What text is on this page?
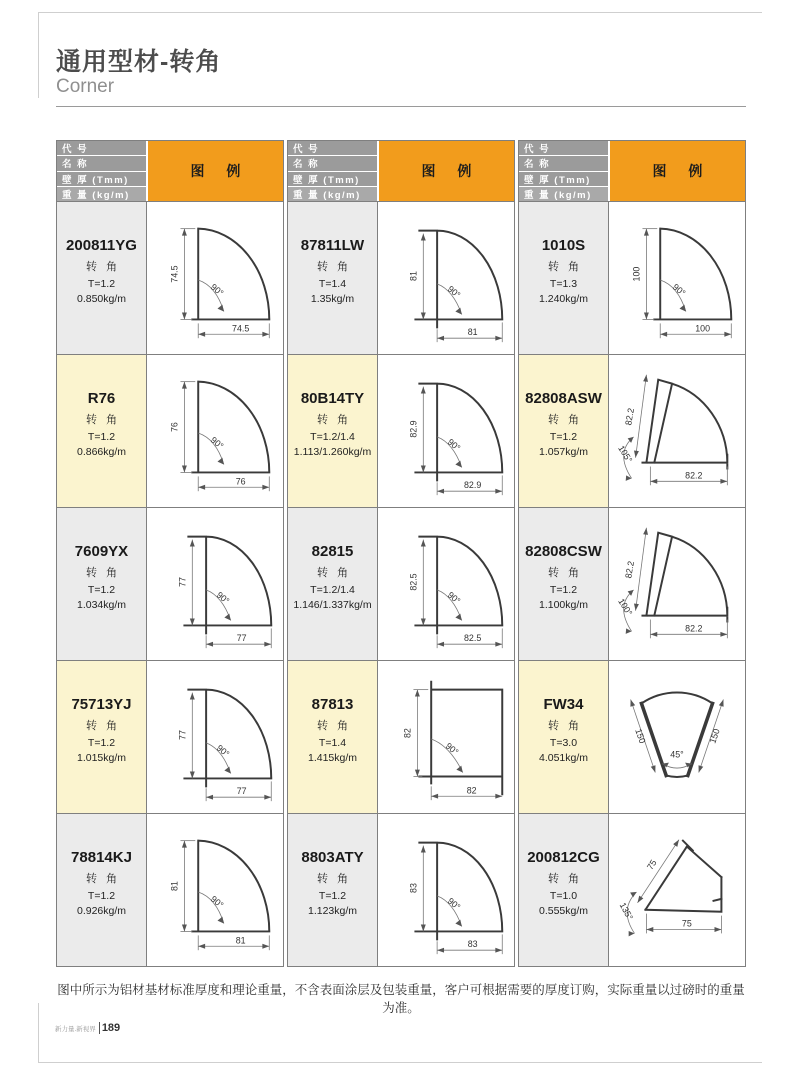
通用型材-转角
Corner
代 号
名 称
壁 厚 (Tmm)
重 量 (kg/m)
图 例
200811YG
转 角
T=1.2
0.850kg/m
74.5
74.5
90°
R76
转 角
T=1.2
0.866kg/m
76
76
90°
7609YX
转 角
T=1.2
1.034kg/m
77
77
90°
75713YJ
转 角
T=1.2
1.015kg/m
77
77
90°
78814KJ
转 角
T=1.2
0.926kg/m
81
81
90°
代 号
名 称
壁 厚 (Tmm)
重 量 (kg/m)
图 例
87811LW
转 角
T=1.4
1.35kg/m
81
81
90°
80B14TY
转 角
T=1.2/1.4
1.113/1.260kg/m
82.9
82.9
90°
82815
转 角
T=1.2/1.4
1.146/1.337kg/m
82.5
82.5
90°
87813
转 角
T=1.4
1.415kg/m
82
82
90°
8803ATY
转 角
T=1.2
1.123kg/m
83
83
90°
代 号
名 称
壁 厚 (Tmm)
重 量 (kg/m)
图 例
1010S
转 角
T=1.3
1.240kg/m
100
100
90°
82808ASW
转 角
T=1.2
1.057kg/m
82.2
82.2
105°
82808CSW
转 角
T=1.2
1.100kg/m
82.2
82.2
100°
FW34
转 角
T=3.0
4.051kg/m
150	150
45°
200812CG
转 角
T=1.0
0.555kg/m
75
75
135°
图中所示为铝材基材标准厚度和理论重量，不含表面涂层及包装重量，客户可根据需要的厚度订购，实际重量以过磅时的重量为准。
新力量.新视界 189
